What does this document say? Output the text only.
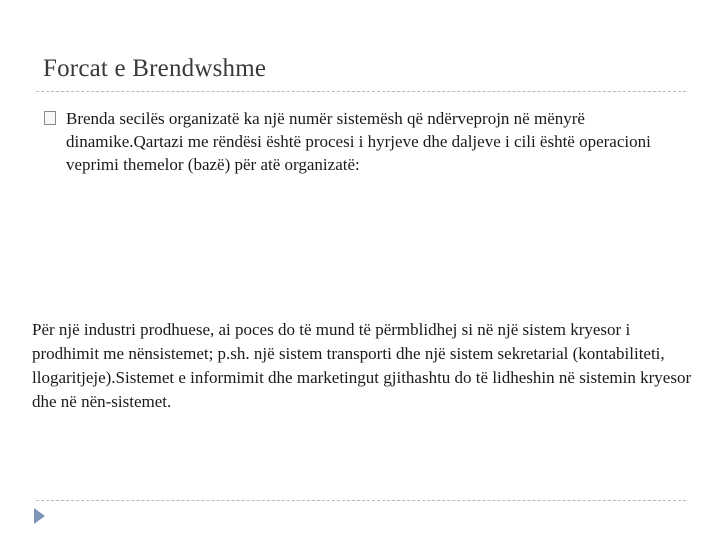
Forcat e Brendwshme
Brenda secilës organizatë ka një numër sistemësh që ndërveprojn në mënyrë dinamike.Qartazi me rëndësi është procesi i hyrjeve dhe daljeve i cili është operacioni veprimi themelor (bazë) për atë organizatë:
Për një industri prodhuese, ai poces do të mund të përmblidhej si në një sistem kryesor i prodhimit me nënsistemet; p.sh. një sistem transporti dhe një sistem sekretarial (kontabiliteti, llogaritjeje).Sistemet e informimit dhe marketingut gjithashtu do të lidheshin në sistemin kryesor dhe në nën-sistemet.
